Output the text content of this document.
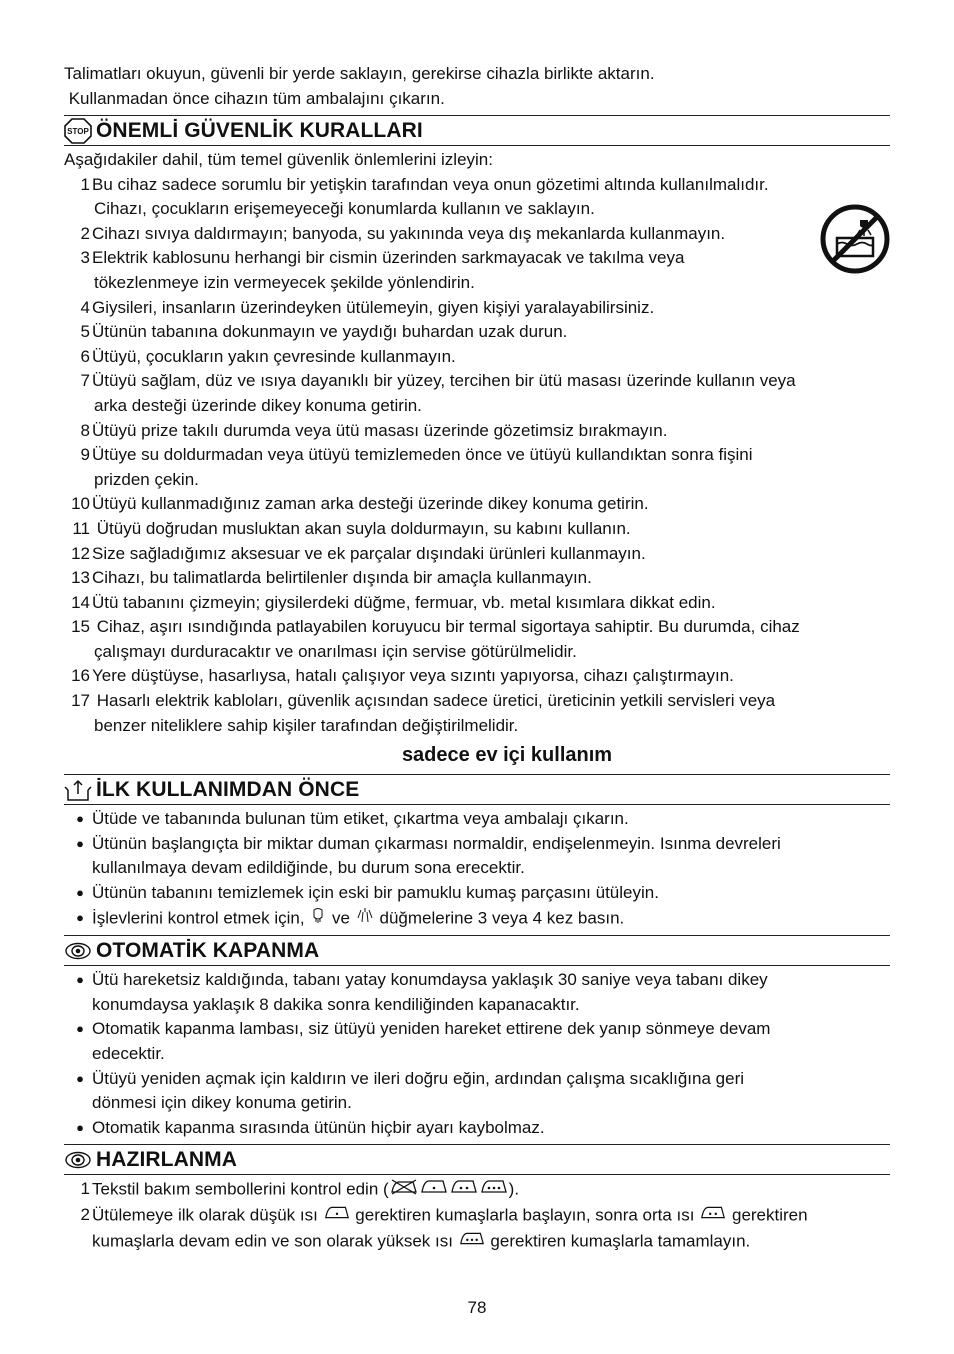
Talimatları okuyun, güvenli bir yerde saklayın, gerekirse cihazla birlikte aktarın.

Kullanmadan önce cihazın tüm ambalajını çıkarın.

STOP ÖNEMLİ GÜVENLİK KURALLARI

Aşağıdakiler dahil, tüm temel güvenlik önlemlerini izleyin:

1 Bu cihaz sadece sorumlu bir yetişkin tarafından veya onun gözetimi altında kullanılmalıdır.
Cihazı, çocukların erişemeyeceği konumlarda kullanın ve saklayın.
2 Cihazı sıvıya daldırmayın; banyoda, su yakınında veya dış mekanlarda kullanmayın.
3 Elektrik kablosunu herhangi bir cismin üzerinden sarkmayacak ve takılma veya
tökezlenmeye izin vermeyecek şekilde yönlendirin.
4 Giysileri, insanların üzerindeyken ütülemeyin, giyen kişiyi yaralayabilirsiniz.
5 Ütünün tabanına dokunmayın ve yaydığı buhardan uzak durun.
6 Ütüyü, çocukların yakın çevresinde kullanmayın.
7 Ütüyü sağlam, düz ve ısıya dayanıklı bir yüzey, tercihen bir ütü masası üzerinde kullanın veya
arka desteği üzerinde dikey konuma getirin.
8 Ütüyü prize takılı durumda veya ütü masası üzerinde gözetimsiz bırakmayın.
9 Ütüye su doldurmadan veya ütüyü temizlemeden önce ve ütüyü kullandıktan sonra fişini
prizden çekin.
10 Ütüyü kullanmadığınız zaman arka desteği üzerinde dikey konuma getirin.
11 Ütüyü doğrudan musluktan akan suyla doldurmayın, su kabını kullanın.
12 Size sağladığımız aksesuar ve ek parçalar dışındaki ürünleri kullanmayın.
13 Cihazı, bu talimatlarda belirtilenler dışında bir amaçla kullanmayın.
14 Ütü tabanını çizmeyin; giysilerdeki düğme, fermuar, vb. metal kısımlara dikkat edin.
15 Cihaz, aşırı ısındığında patlayabilen koruyucu bir termal sigortaya sahiptir. Bu durumda, cihaz
çalışmayı durduracaktır ve onarılması için servise götürülmelidir.
16 Yere düştüyse, hasarlıysa, hatalı çalışıyor veya sızıntı yapıyorsa, cihazı çalıştırmayın.
17 Hasarlı elektrik kabloları, güvenlik açısından sadece üretici, üreticinin yetkili servisleri veya
benzer niteliklere sahip kişiler tarafından değiştirilmelidir.
sadece ev içi kullanım
İLK KULLANIMDAN ÖNCE
● Ütüde ve tabanında bulunan tüm etiket, çıkartma veya ambalajı çıkarın.
● Ütünün başlangıçta bir miktar duman çıkarması normaldir, endişelenmeyin. Isınma devreleri
kullanılmaya devam edildiğinde, bu durum sona erecektir.
● Ütünün tabanını temizlemek için eski bir pamuklu kumaş parçasını ütüleyin.
● İşlevlerini kontrol etmek için, ve düğmelerine 3 veya 4 kez basın.
OTOMATİK KAPANMA
● Ütü hareketsiz kaldığında, tabanı yatay konumdaysa yaklaşık 30 saniye veya tabanı dikey
konumdaysa yaklaşık 8 dakika sonra kendiliğinden kapanacaktır.
● Otomatik kapanma lambası, siz ütüyü yeniden hareket ettirene dek yanıp sönmeye devam
edecektir.
● Ütüyü yeniden açmak için kaldırın ve ileri doğru eğin, ardından çalışma sıcaklığına geri
dönmesi için dikey konuma getirin.
● Otomatik kapanma sırasında ütünün hiçbir ayarı kaybolmaz.
HAZIRLANMA
1 Tekstil bakım sembollerini kontrol edin (	).
2 Ütülemeye ilk olarak düşük ısı gerektiren kumaşlarla başlayın, sonra orta ısı gerektiren kumaşlarla devam edin ve son olarak yüksek ısı gerektiren kumaşlarla tamamlayın.
78
